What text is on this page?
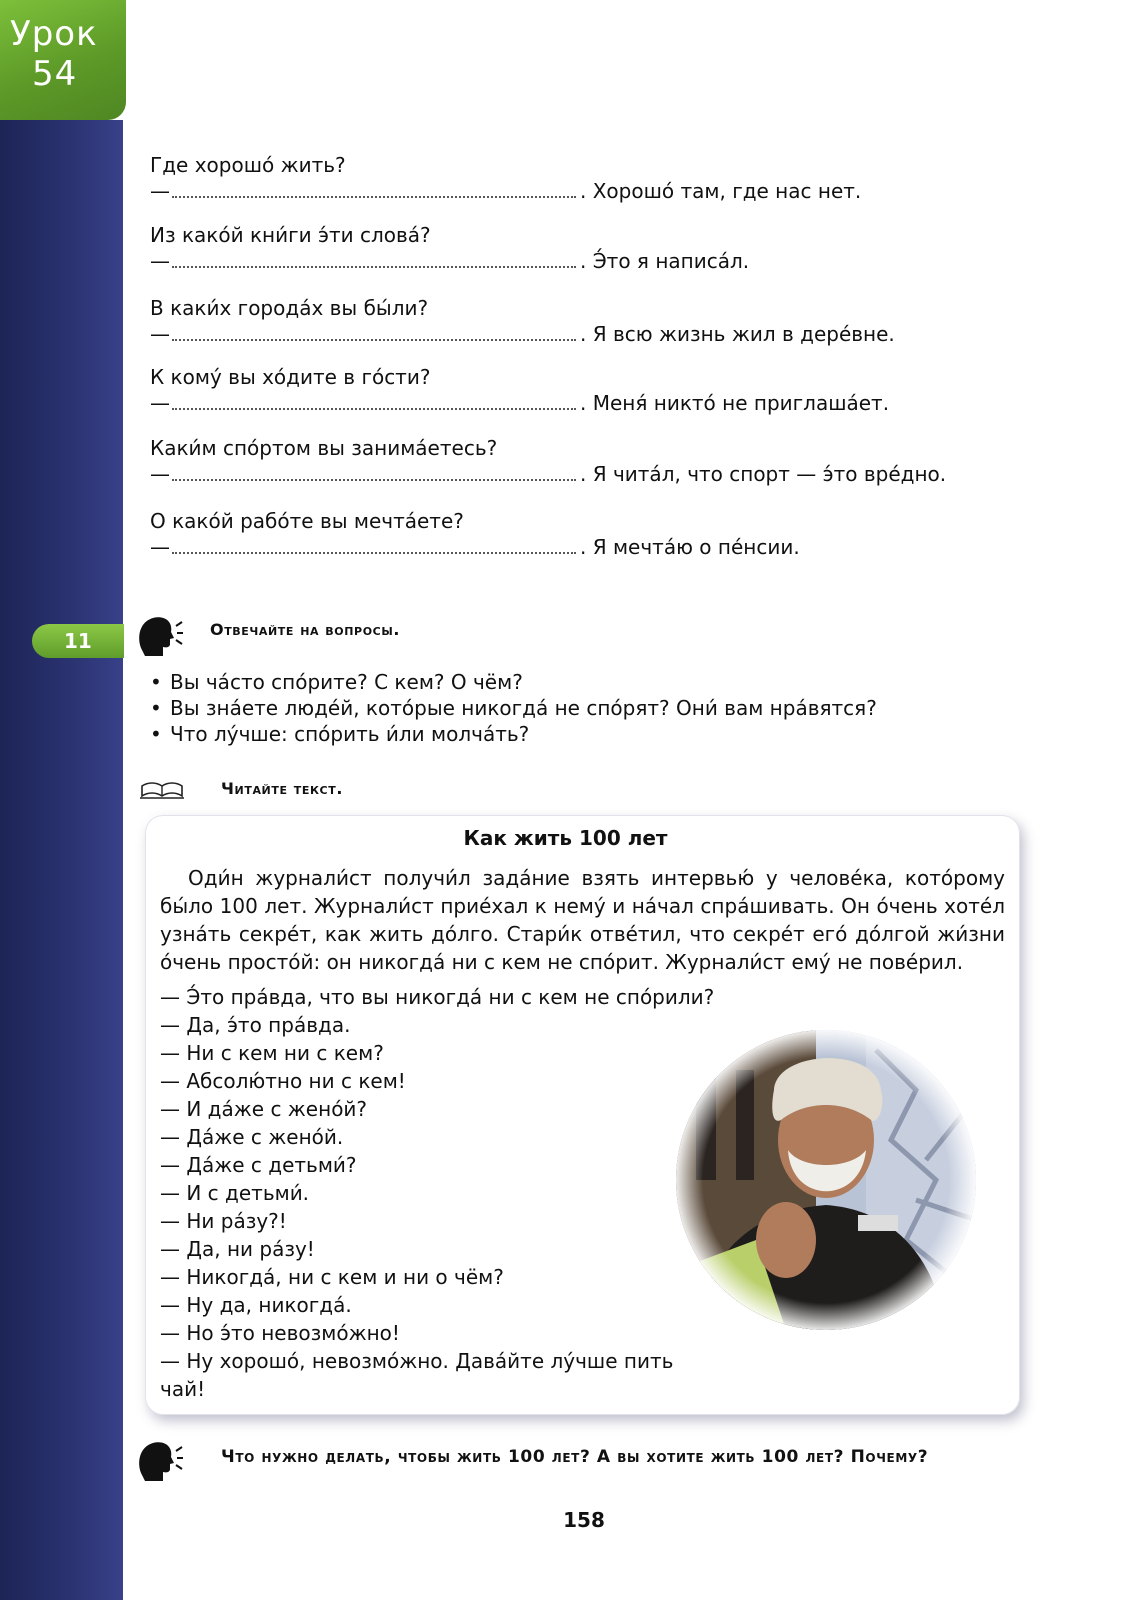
Урок
54
Где хорошо́ жить?
—	. Хорошо́ там, где нас нет.
Из како́й кни́ги э́ти слова́?
—	. Э́то я написа́л.
В каки́х города́х вы бы́ли?
—	. Я всю жизнь жил в дере́вне.
К кому́ вы хо́дите в го́сти?
—	. Меня́ никто́ не приглаша́ет.
Каки́м спо́ртом вы занима́етесь?
—	. Я чита́л, что спорт — э́то вре́дно.
О како́й рабо́те вы мечта́ете?
—	. Я мечта́ю о пе́нсии.
11	Отвечайте на вопросы.
• Вы ча́сто спо́рите? С кем? О чём?
• Вы зна́ете люде́й, кото́рые никогда́ не спо́рят? Они́ вам нра́вятся?
• Что лу́чше: спо́рить и́ли молча́ть?
Читайте текст.
Как жить 100 лет
Оди́н журнали́ст получи́л зада́ние взять интервью́ у челове́ка, кото́рому бы́ло 100 лет. Журнали́ст прие́хал к нему́ и на́чал спра́шивать. Он о́чень хоте́л узна́ть секре́т, как жить до́лго. Стари́к отве́тил, что секре́т его́ до́лгой жи́зни о́чень просто́й: он никогда́ ни с кем не спо́рит. Журнали́ст ему́ не пове́рил.
— Э́то пра́вда, что вы никогда́ ни с кем не спо́рили?
— Да, э́то пра́вда.
— Ни с кем ни с кем?
— Абсолю́тно ни с кем!
— И да́же с жено́й?
— Да́же с жено́й.
— Да́же с детьми́?
— И с детьми́.
— Ни ра́зу?!
— Да, ни ра́зу!
— Никогда́, ни с кем и ни о чём?
— Ну да, никогда́.
— Но э́то невозмо́жно!
— Ну хорошо́, невозмо́жно. Дава́йте лу́чше пить чай!
Что нужно делать, чтобы жить 100 лет? А вы хотите жить 100 лет? Почему?
158
